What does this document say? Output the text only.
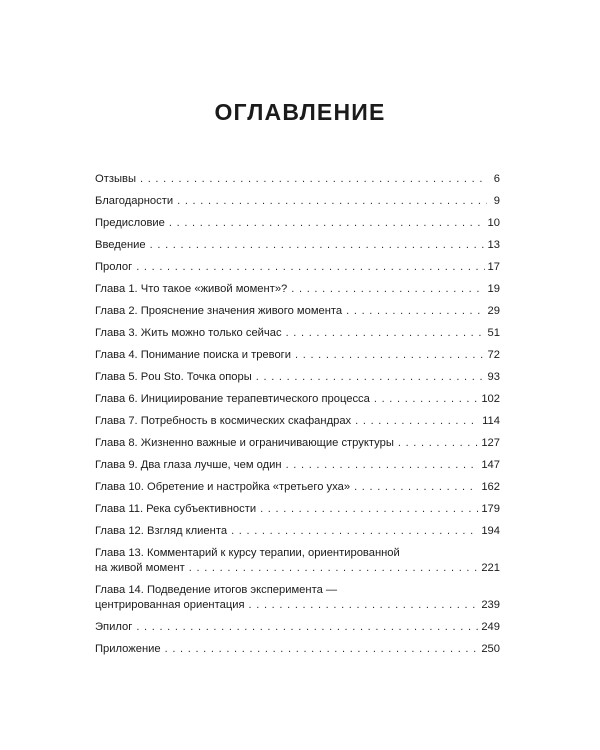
ОГЛАВЛЕНИЕ
Отзывы . . .	6
Благодарности . . .	9
Предисловие . . .	10
Введение . . .	13
Пролог . . .	17
Глава 1. Что такое «живой момент»? . . .	19
Глава 2. Прояснение значения живого момента . . .	29
Глава 3. Жить можно только сейчас . . .	51
Глава 4. Понимание поиска и тревоги . . .	72
Глава 5. Pou Sto. Точка опоры . . .	93
Глава 6. Инициирование терапевтического процесса . . .	102
Глава 7. Потребность в космических скафандрах . . .	114
Глава 8. Жизненно важные и ограничивающие структуры . . .	127
Глава 9. Два глаза лучше, чем один . . .	147
Глава 10. Обретение и настройка «третьего уха» . . .	162
Глава 11. Река субъективности . . .	179
Глава 12. Взгляд клиента . . .	194
Глава 13. Комментарий к курсу терапии, ориентированной
на живой момент . . .	221
Глава 14. Подведение итогов эксперимента —
центрированная ориентация . . .	239
Эпилог . . .	249
Приложение . . .	250
